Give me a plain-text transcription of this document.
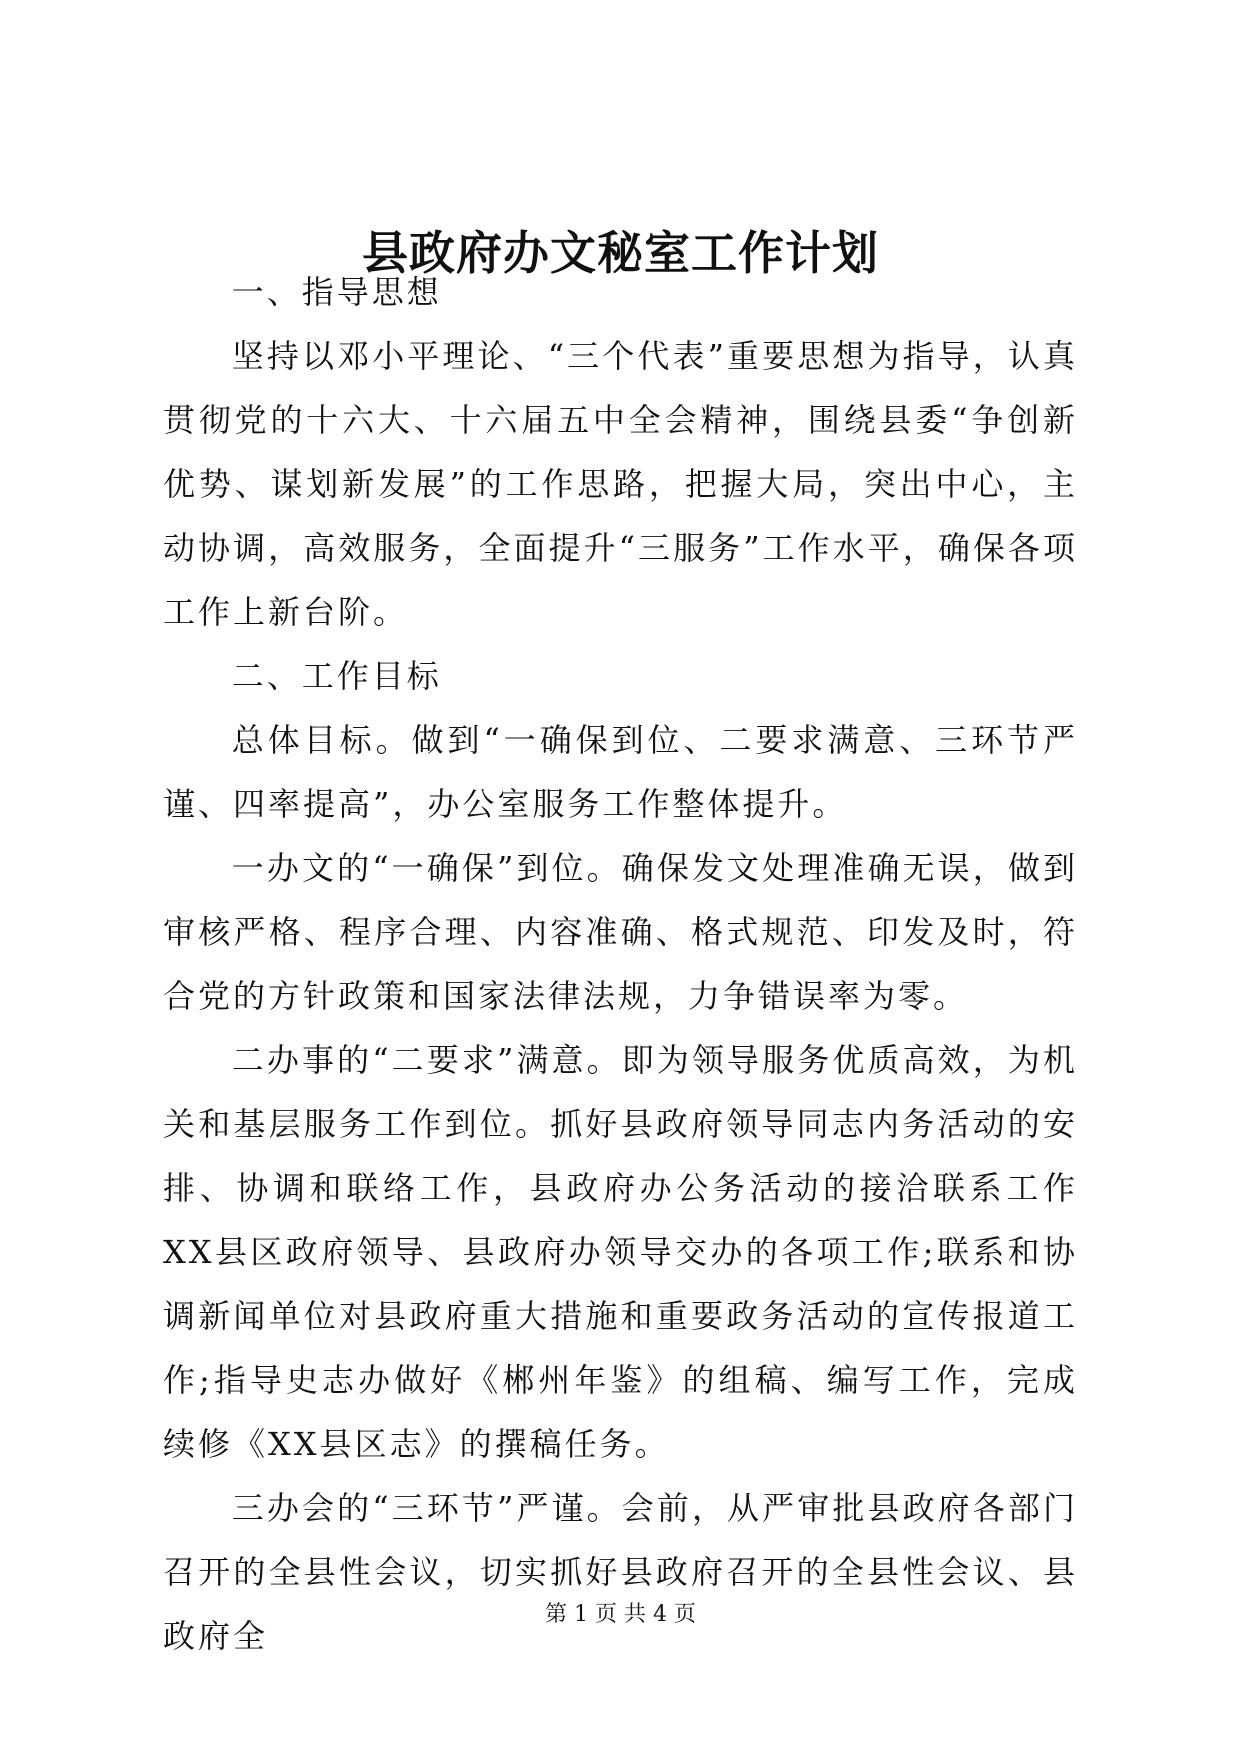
县政府办文秘室工作计划

一、指导思想

坚持以邓小平理论、“三个代表”重要思想为指导，认真贯彻党的十六大、十六届五中全会精神，围绕县委“争创新优势、谋划新发展”的工作思路，把握大局，突出中心，主动协调，高效服务，全面提升“三服务”工作水平，确保各项工作上新台阶。

二、工作目标

总体目标。做到“一确保到位、二要求满意、三环节严谨、四率提高”，办公室服务工作整体提升。

一办文的“一确保”到位。确保发文处理准确无误，做到审核严格、程序合理、内容准确、格式规范、印发及时，符合党的方针政策和国家法律法规，力争错误率为零。

二办事的“二要求”满意。即为领导服务优质高效，为机关和基层服务工作到位。抓好县政府领导同志内务活动的安排、协调和联络工作，县政府办公务活动的接洽联系工作XX县区政府领导、县政府办领导交办的各项工作;联系和协调新闻单位对县政府重大措施和重要政务活动的宣传报道工作;指导史志办做好《郴州年鉴》的组稿、编写工作，完成续修《XX县区志》的撰稿任务。

三办会的“三环节”严谨。会前，从严审批县政府各部门召开的全县性会议，切实抓好县政府召开的全县性会议、县政府全

第 1 页 共 4 页
